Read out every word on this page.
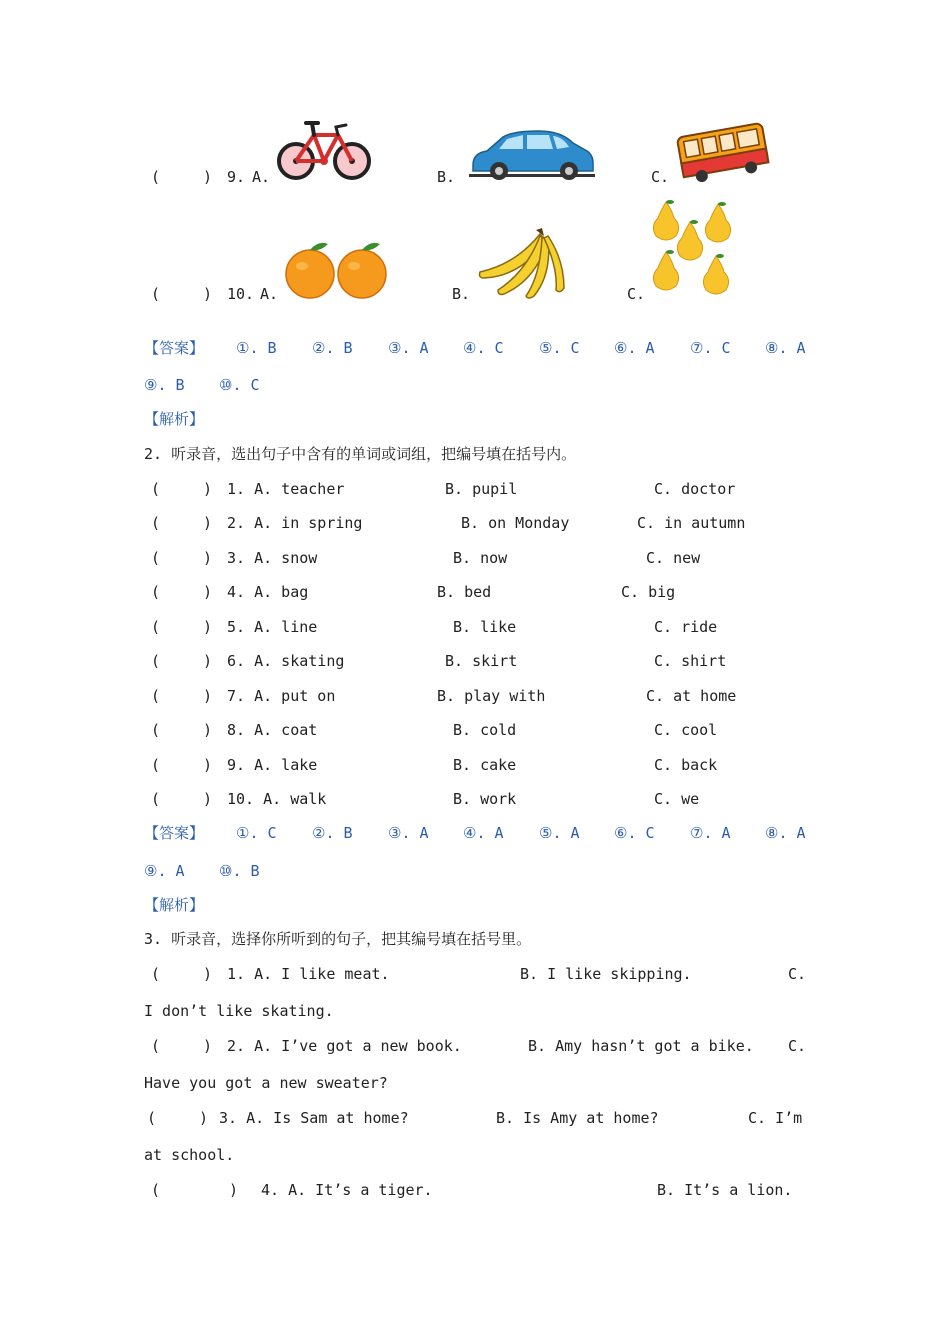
(	) 9. A.	B.	C.
(	) 10. A.	B.	C.
【答案】 ①. B ②. B ③. A ④. C ⑤. C ⑥. A ⑦. C ⑧. A
⑨. B ⑩. C
【解析】
2. 听录音，选出句子中含有的单词或词组，把编号填在括号内。
(	) 1. A. teacher	B. pupil	C. doctor
(	) 2. A. in spring	B. on Monday	C. in autumn
(	) 3. A. snow	B. now	C. new
(	) 4. A. bag	B. bed	C. big
(	) 5. A. line	B. like	C. ride
(	) 6. A. skating	B. skirt	C. shirt
(	) 7. A. put on	B. play with	C. at home
(	) 8. A. coat	B. cold	C. cool
(	) 9. A. lake	B. cake	C. back
(	) 10. A. walk	B. work	C. we
【答案】 ①. C ②. B ③. A ④. A ⑤. A ⑥. C ⑦. A ⑧. A
⑨. A ⑩. B
【解析】
3. 听录音，选择你所听到的句子，把其编号填在括号里。
(	) 1. A. I like meat.	B. I like skipping.	C.
I don’t like skating.
(	) 2. A. I’ve got a new book.	B. Amy hasn’t got a bike. C.
Have you got a new sweater?
(	) 3. A. Is Sam at home?	B. Is Amy at home?	C. I’m
at school.
(	) 4. A. It’s a tiger.	B. It’s a lion.
